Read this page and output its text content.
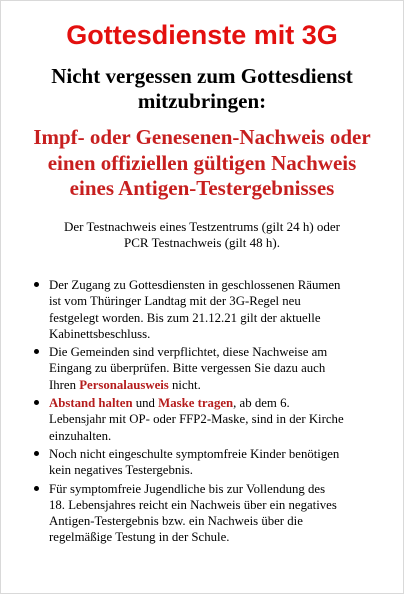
Gottesdienste mit 3G
Nicht vergessen zum Gottesdienst
mitzubringen:
Impf- oder Genesenen-Nachweis oder
einen offiziellen gültigen Nachweis
eines Antigen-Testergebnisses
Der Testnachweis eines Testzentrums (gilt 24 h) oder
PCR Testnachweis (gilt 48 h).
Der Zugang zu Gottesdiensten in geschlossenen Räumen
ist vom Thüringer Landtag mit der 3G-Regel neu
festgelegt worden. Bis zum 21.12.21 gilt der aktuelle
Kabinettsbeschluss.
Die Gemeinden sind verpflichtet, diese Nachweise am
Eingang zu überprüfen. Bitte vergessen Sie dazu auch
Ihren Personalausweis nicht.
Abstand halten und Maske tragen, ab dem 6.
Lebensjahr mit OP- oder FFP2-Maske, sind in der Kirche
einzuhalten.
Noch nicht eingeschulte symptomfreie Kinder benötigen
kein negatives Testergebnis.
Für symptomfreie Jugendliche bis zur Vollendung des
18. Lebensjahres reicht ein Nachweis über ein negatives
Antigen-Testergebnis bzw. ein Nachweis über die
regelmäßige Testung in der Schule.
